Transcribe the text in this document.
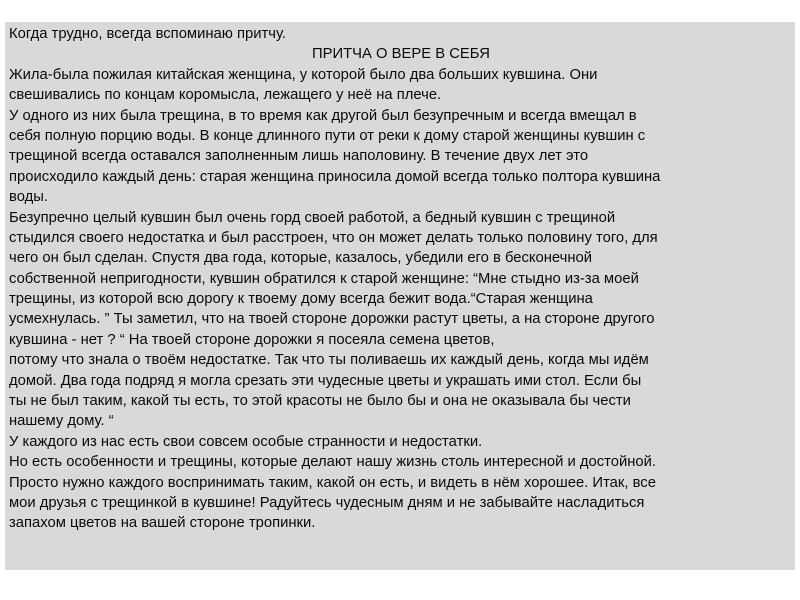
Когда трудно, всегда вспоминаю притчу.
ПРИТЧА О ВЕРЕ В СЕБЯ
Жила-была пожилая китайская женщина, у которой было два больших кувшина. Они
свешивались по концам коромысла, лежащего у неё на плече.
У одного из них была трещина, в то время как другой был безупречным и всегда вмещал в
себя полную порцию воды. В конце длинного пути от реки к дому старой женщины кувшин с
трещиной всегда оставался заполненным лишь наполовину. В течение двух лет это
происходило каждый день: старая женщина приносила домой всегда только полтора кувшина
воды.
Безупречно целый кувшин был очень горд своей работой, а бедный кувшин с трещиной
стыдился своего недостатка и был расстроен, что он может делать только половину того, для
чего он был сделан. Спустя два года, которые, казалось, убедили его в бесконечной
собственной непригодности, кувшин обратился к старой женщине: “Мне стыдно из-за моей
трещины, из которой всю дорогу к твоему дому всегда бежит вода.“Старая женщина
усмехнулась. ” Ты заметил, что на твоей стороне дорожки растут цветы, а на стороне другого
кувшина - нет ? “ На твоей стороне дорожки я посеяла семена цветов,
потому что знала о твоём недостатке. Так что ты поливаешь их каждый день, когда мы идём
домой. Два года подряд я могла срезать эти чудесные цветы и украшать ими стол. Если бы
ты не был таким, какой ты есть, то этой красоты не было бы и она не оказывала бы чести
нашему дому. “
У каждого из нас есть свои совсем особые странности и недостатки.
Но есть особенности и трещины, которые делают нашу жизнь столь интересной и достойной.
Просто нужно каждого воспринимать таким, какой он есть, и видеть в нём хорошее. Итак, все
мои друзья с трещинкой в кувшине! Радуйтесь чудесным дням и не забывайте насладиться
запахом цветов на вашей стороне тропинки.
